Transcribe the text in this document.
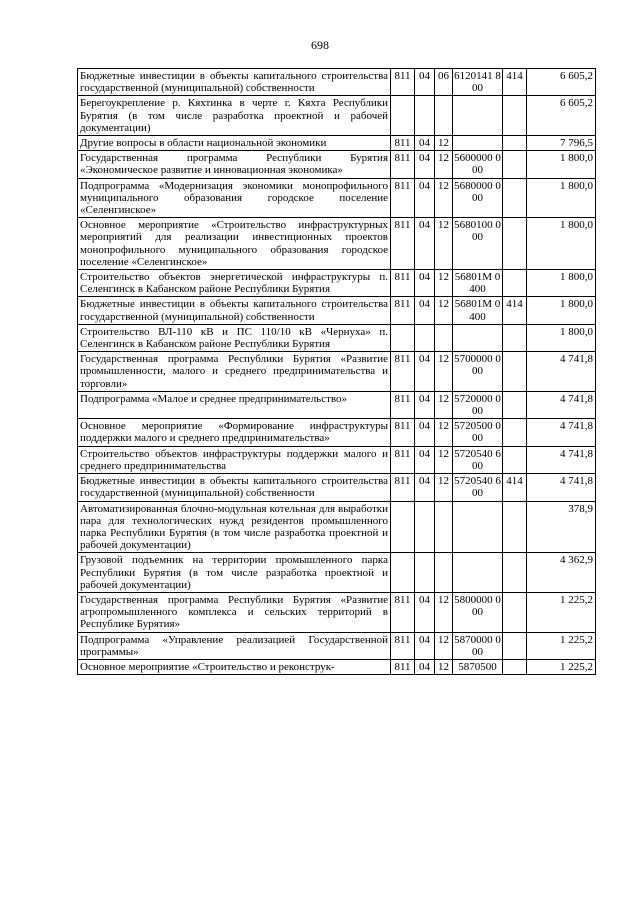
698
Бюджетные инвестиции в объекты капитального строительства государственной (муниципальной) собственности	811	04	06	6120141 800	414	6 605,2
Берегоукрепление р. Кяхтинка в черте г. Кяхта Республики Бурятия (в том числе разработка проектной и рабочей документации)						6 605,2
Другие вопросы в области национальной экономики	811	04	12			7 796,5
Государственная программа Республики Бурятия «Экономическое развитие и инновационная экономика»	811	04	12	5600000 000		1 800,0
Подпрограмма «Модернизация экономики монопрофильного муниципального образования городское поселение «Селенгинское»	811	04	12	5680000 000		1 800,0
Основное мероприятие «Строительство инфраструктурных мероприятий для реализации инвестиционных проектов монопрофильного муниципального образования городское поселение «Селенгинское»	811	04	12	5680100 000		1 800,0
Строительство объектов энергетической инфраструктуры п. Селенгинск в Кабанском районе Республики Бурятия	811	04	12	56801М 0400		1 800,0
Бюджетные инвестиции в объекты капитального строительства государственной (муниципальной) собственности	811	04	12	56801М 0400	414	1 800,0
Строительство ВЛ-110 кВ и ПС 110/10 кВ «Чернуха» п. Селенгинск в Кабанском районе Республики Бурятия						1 800,0
Государственная программа Республики Бурятия «Развитие промышленности, малого и среднего предпринимательства и торговли»	811	04	12	5700000 000		4 741,8
Подпрограмма «Малое и среднее предпринимательство»	811	04	12	5720000 000		4 741,8
Основное мероприятие «Формирование инфраструктуры поддержки малого и среднего предпринимательства»	811	04	12	5720500 000		4 741,8
Строительство объектов инфраструктуры поддержки малого и среднего предпринимательства	811	04	12	5720540 600		4 741,8
Бюджетные инвестиции в объекты капитального строительства государственной (муниципальной) собственности	811	04	12	5720540 600	414	4 741,8
Автоматизированная блочно-модульная котельная для выработки пара для технологических нужд резидентов промышленного парка Республики Бурятия (в том числе разработка проектной и рабочей документации)						378,9
Грузовой подъемник на территории промышленного парка Республики Бурятия (в том числе разработка проектной и рабочей документации)						4 362,9
Государственная программа Республики Бурятия «Развитие агропромышленного комплекса и сельских территорий в Республике Бурятия»	811	04	12	5800000 000		1 225,2
Подпрограмма «Управление реализацией Государственной программы»	811	04	12	5870000 000		1 225,2
Основное мероприятие «Строительство и реконструк-	811	04	12	5870500		1 225,2
